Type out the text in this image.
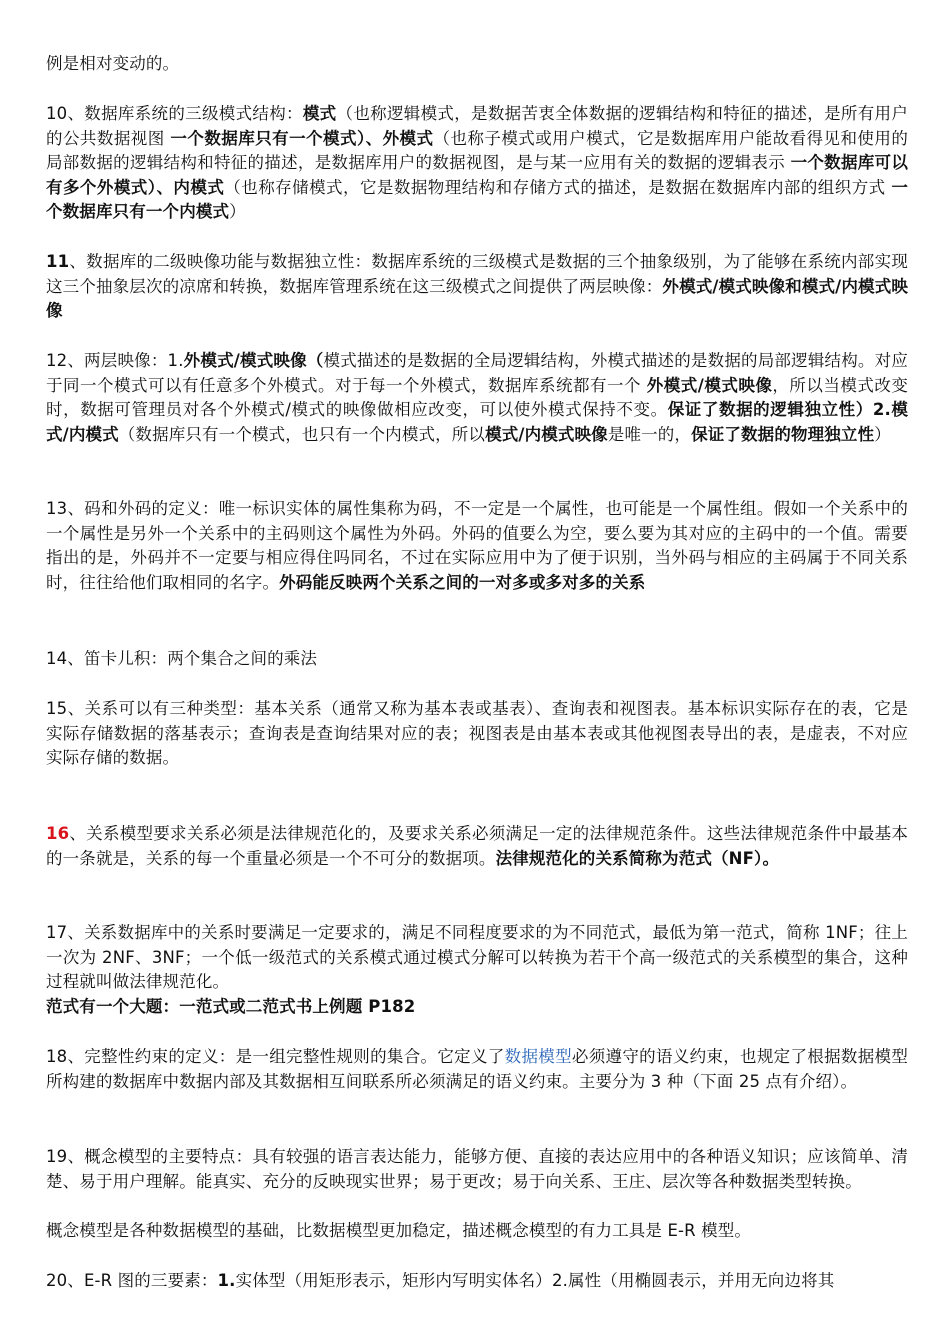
例是相对变动的。

10、数据库系统的三级模式结构：模式（也称逻辑模式，是数据苦衷全体数据的逻辑结构和特征的描述，是所有用户的公共数据视图 一个数据库只有一个模式）、外模式（也称子模式或用户模式，它是数据库用户能故看得见和使用的局部数据的逻辑结构和特征的描述，是数据库用户的数据视图，是与某一应用有关的数据的逻辑表示 一个数据库可以有多个外模式）、内模式（也称存储模式，它是数据物理结构和存储方式的描述，是数据在数据库内部的组织方式 一个数据库只有一个内模式）

11、数据库的二级映像功能与数据独立性：数据库系统的三级模式是数据的三个抽象级别，为了能够在系统内部实现这三个抽象层次的凉席和转换，数据库管理系统在这三级模式之间提供了两层映像：外模式/模式映像和模式/内模式映像

12、两层映像：1.外模式/模式映像（模式描述的是数据的全局逻辑结构，外模式描述的是数据的局部逻辑结构。对应于同一个模式可以有任意多个外模式。对于每一个外模式，数据库系统都有一个 外模式/模式映像，所以当模式改变时，数据可管理员对各个外模式/模式的映像做相应改变，可以使外模式保持不变。保证了数据的逻辑独立性）2.模式/内模式（数据库只有一个模式，也只有一个内模式，所以模式/内模式映像是唯一的，保证了数据的物理独立性）

13、码和外码的定义：唯一标识实体的属性集称为码，不一定是一个属性，也可能是一个属性组。假如一个关系中的一个属性是另外一个关系中的主码则这个属性为外码。外码的值要么为空，要么要为其对应的主码中的一个值。需要指出的是，外码并不一定要与相应得住吗同名，不过在实际应用中为了便于识别，当外码与相应的主码属于不同关系时，往往给他们取相同的名字。外码能反映两个关系之间的一对多或多对多的关系

14、笛卡儿积：两个集合之间的乘法

15、关系可以有三种类型：基本关系（通常又称为基本表或基表）、查询表和视图表。基本标识实际存在的表，它是实际存储数据的落基表示；查询表是查询结果对应的表；视图表是由基本表或其他视图表导出的表，是虚表，不对应实际存储的数据。

16、关系模型要求关系必须是法律规范化的，及要求关系必须满足一定的法律规范条件。这些法律规范条件中最基本的一条就是，关系的每一个重量必须是一个不可分的数据项。法律规范化的关系简称为范式（NF）。

17、关系数据库中的关系时要满足一定要求的，满足不同程度要求的为不同范式，最低为第一范式，简称 1NF；往上一次为 2NF、3NF；一个低一级范式的关系模式通过模式分解可以转换为若干个高一级范式的关系模型的集合，这种过程就叫做法律规范化。

范式有一个大题：一范式或二范式书上例题 P182

18、完整性约束的定义：是一组完整性规则的集合。它定义了数据模型必须遵守的语义约束，也规定了根据数据模型所构建的数据库中数据内部及其数据相互间联系所必须满足的语义约束。主要分为 3 种（下面 25 点有介绍）。

19、概念模型的主要特点：具有较强的语言表达能力，能够方便、直接的表达应用中的各种语义知识；应该简单、清楚、易于用户理解。能真实、充分的反映现实世界；易于更改；易于向关系、王庄、层次等各种数据类型转换。

概念模型是各种数据模型的基础，比数据模型更加稳定，描述概念模型的有力工具是 E-R 模型。

20、E-R 图的三要素：1.实体型（用矩形表示，矩形内写明实体名）2.属性（用椭圆表示，并用无向边将其
